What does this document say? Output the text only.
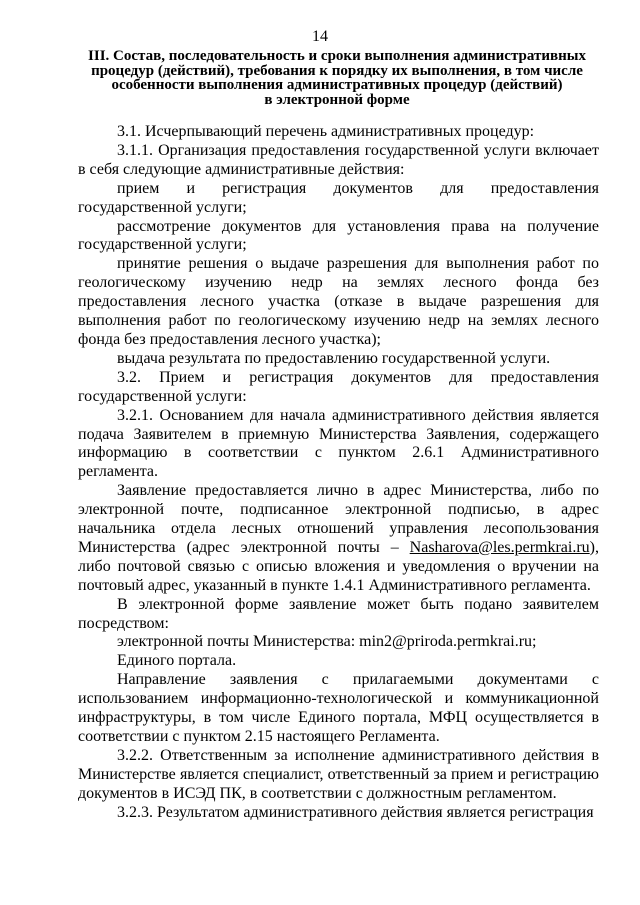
14
III. Состав, последовательность и сроки выполнения административных
процедур (действий), требования к порядку их выполнения, в том числе
особенности выполнения административных процедур (действий)
в электронной форме

3.1. Исчерпывающий перечень административных процедур:

3.1.1. Организация предоставления государственной услуги включает в себя следующие административные действия:

прием и регистрация документов для предоставления государственной услуги;

рассмотрение документов для установления права на получение государственной услуги;

принятие решения о выдаче разрешения для выполнения работ по геологическому изучению недр на землях лесного фонда без предоставления лесного участка (отказе в выдаче разрешения для выполнения работ по геологическому изучению недр на землях лесного фонда без предоставления лесного участка);

выдача результата по предоставлению государственной услуги.

3.2. Прием и регистрация документов для предоставления государственной услуги:

3.2.1. Основанием для начала административного действия является подача Заявителем в приемную Министерства Заявления, содержащего информацию в соответствии с пунктом 2.6.1 Административного регламента.

Заявление предоставляется лично в адрес Министерства, либо по электронной почте, подписанное электронной подписью, в адрес начальника отдела лесных отношений управления лесопользования Министерства (адрес электронной почты – Nasharova@les.permkrai.ru), либо почтовой связью с описью вложения и уведомления о вручении на почтовый адрес, указанный в пункте 1.4.1 Административного регламента.

В электронной форме заявление может быть подано заявителем посредством:

электронной почты Министерства: min2@priroda.permkrai.ru;

Единого портала.

Направление заявления с прилагаемыми документами с использованием информационно-технологической и коммуникационной инфраструктуры, в том числе Единого портала, МФЦ осуществляется в соответствии с пунктом 2.15 настоящего Регламента.

3.2.2. Ответственным за исполнение административного действия в Министерстве является специалист, ответственный за прием и регистрацию документов в ИСЭД ПК, в соответствии с должностным регламентом.

3.2.3. Результатом административного действия является регистрация
